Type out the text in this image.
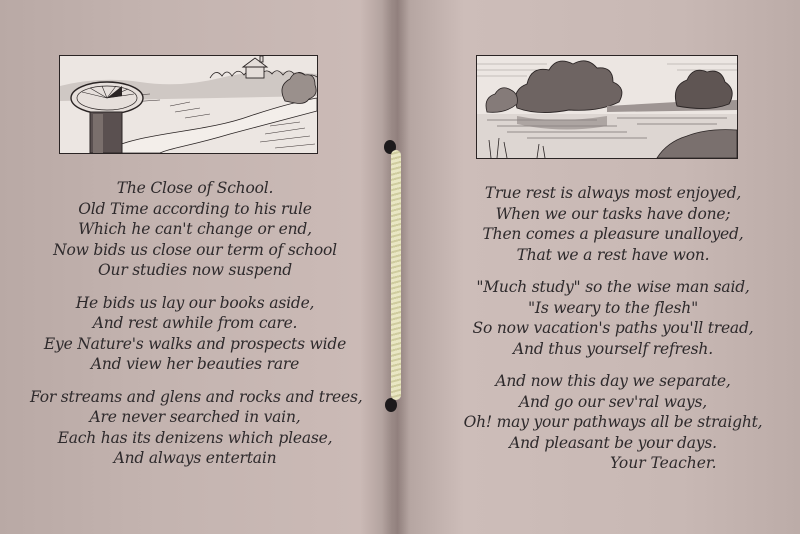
The Close of School.
Old Time according to his rule
Which he can't change or end,
Now bids us close our term of school
Our studies now suspend
He bids us lay our books aside,
And rest awhile from care.
Eye Nature's walks and prospects wide
And view her beauties rare
For streams and glens and rocks and trees,
Are never searched in vain,
Each has its denizens which please,
And always entertain
True rest is always most enjoyed,
When we our tasks have done;
Then comes a pleasure unalloyed,
That we a rest have won.
"Much study" so the wise man said,
"Is weary to the flesh"
So now vacation's paths you'll tread,
And thus yourself refresh.
And now this day we separate,
And go our sev'ral ways,
Oh! may your pathways all be straight,
And pleasant be your days.
Your Teacher.
